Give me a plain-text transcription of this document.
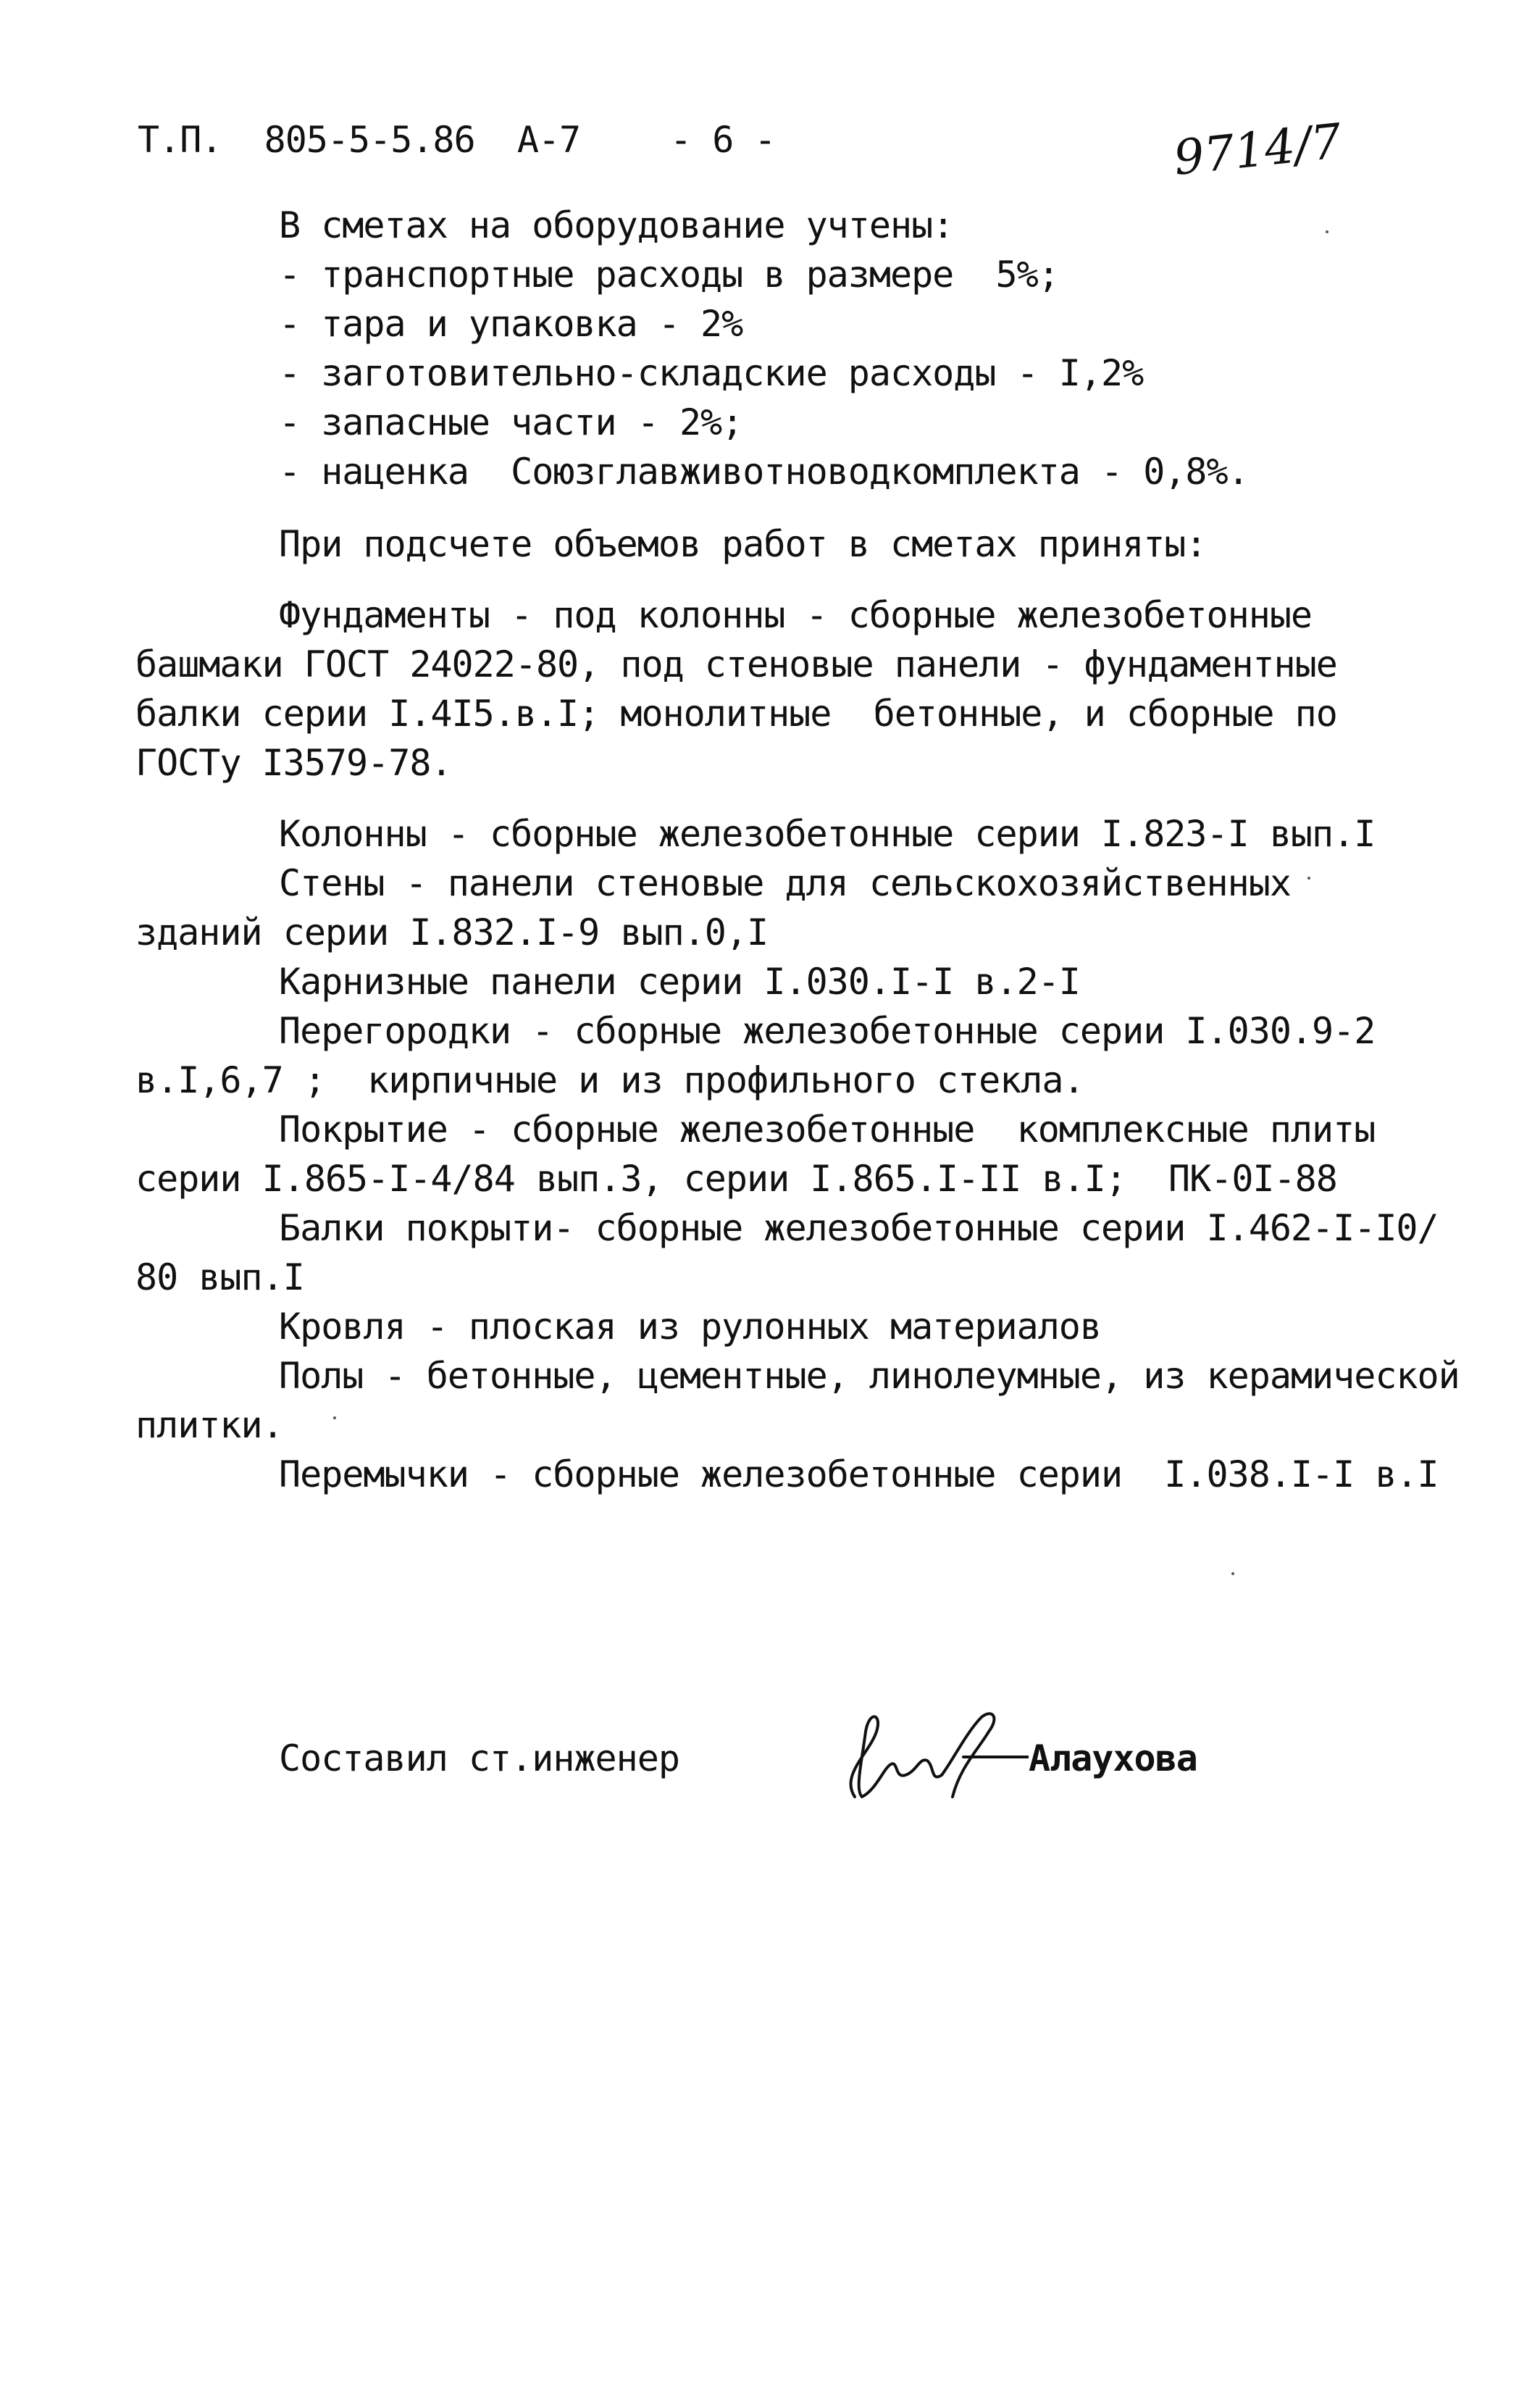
Т.П.  805-5-5.86  А-7 - 6 -	9714/7
В сметах на оборудование учтены:
- транспортные расходы в размере  5%;
- тара и упаковка - 2%
- заготовительно-складские расходы - I,2%
- запасные части - 2%;
- наценка  Союзглавживотноводкомплекта - 0,8%.
При подсчете объемов работ в сметах приняты:
Фундаменты - под колонны - сборные железобетонные
башмаки ГОСТ 24022-80, под стеновые панели - фундаментные
балки серии I.4I5.в.I; монолитные  бетонные, и сборные по
ГОСТу I3579-78.
Колонны - сборные железобетонные серии I.823-I вып.I
Стены - панели стеновые для сельскохозяйственных
зданий серии I.832.I-9 вып.0,I
Карнизные панели серии I.030.I-I в.2-I
Перегородки - сборные железобетонные серии I.030.9-2
в.I,6,7 ;  кирпичные и из профильного стекла.
Покрытие - сборные железобетонные  комплексные плиты
серии I.865-I-4/84 вып.3, серии I.865.I-II в.I;  ПК-0I-88
Балки покрыти- сборные железобетонные серии I.462-I-I0/
80 вып.I
Кровля - плоская из рулонных материалов
Полы - бетонные, цементные, линолеумные, из керамической
плитки.
Перемычки - сборные железобетонные серии  I.038.I-I в.I
Составил ст.инженер	Алаухова
